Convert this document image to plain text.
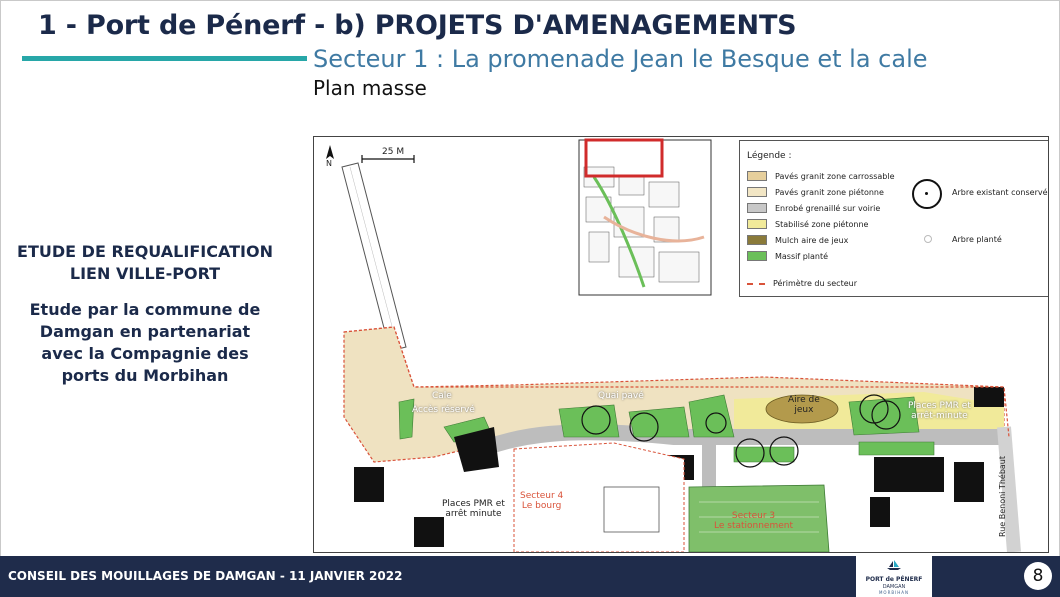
1 - Port de Pénerf - b) PROJETS D'AMENAGEMENTS
Secteur 1 : La promenade Jean le Besque et la cale
Plan masse
ETUDE DE REQUALIFICATION
LIEN VILLE-PORT
Etude par la commune de
Damgan en partenariat
avec la Compagnie des
ports du Morbihan
N
25 M	Légende :
Pavés granit zone carrossable
Pavés granit zone piétonne
Enrobé grenaillé sur voirie
Stabilisé zone piétonne
Mulch aire de jeux
Massif planté
Périmètre du secteur
Arbre existant conservé
Arbre planté
Cale
Accès réservé
Quai pavé	Aire de
jeux	Places PMR et
arrêt-minute
Places PMR et
arrêt minute
Secteur 4
Le bourg
Secteur 3
Le stationnement	Rue Benoni Thébaut
CONSEIL DES MOUILLAGES DE DAMGAN - 11 JANVIER 2022	PORT de PÉNERF
DAMGAN
MORBIHAN
8
